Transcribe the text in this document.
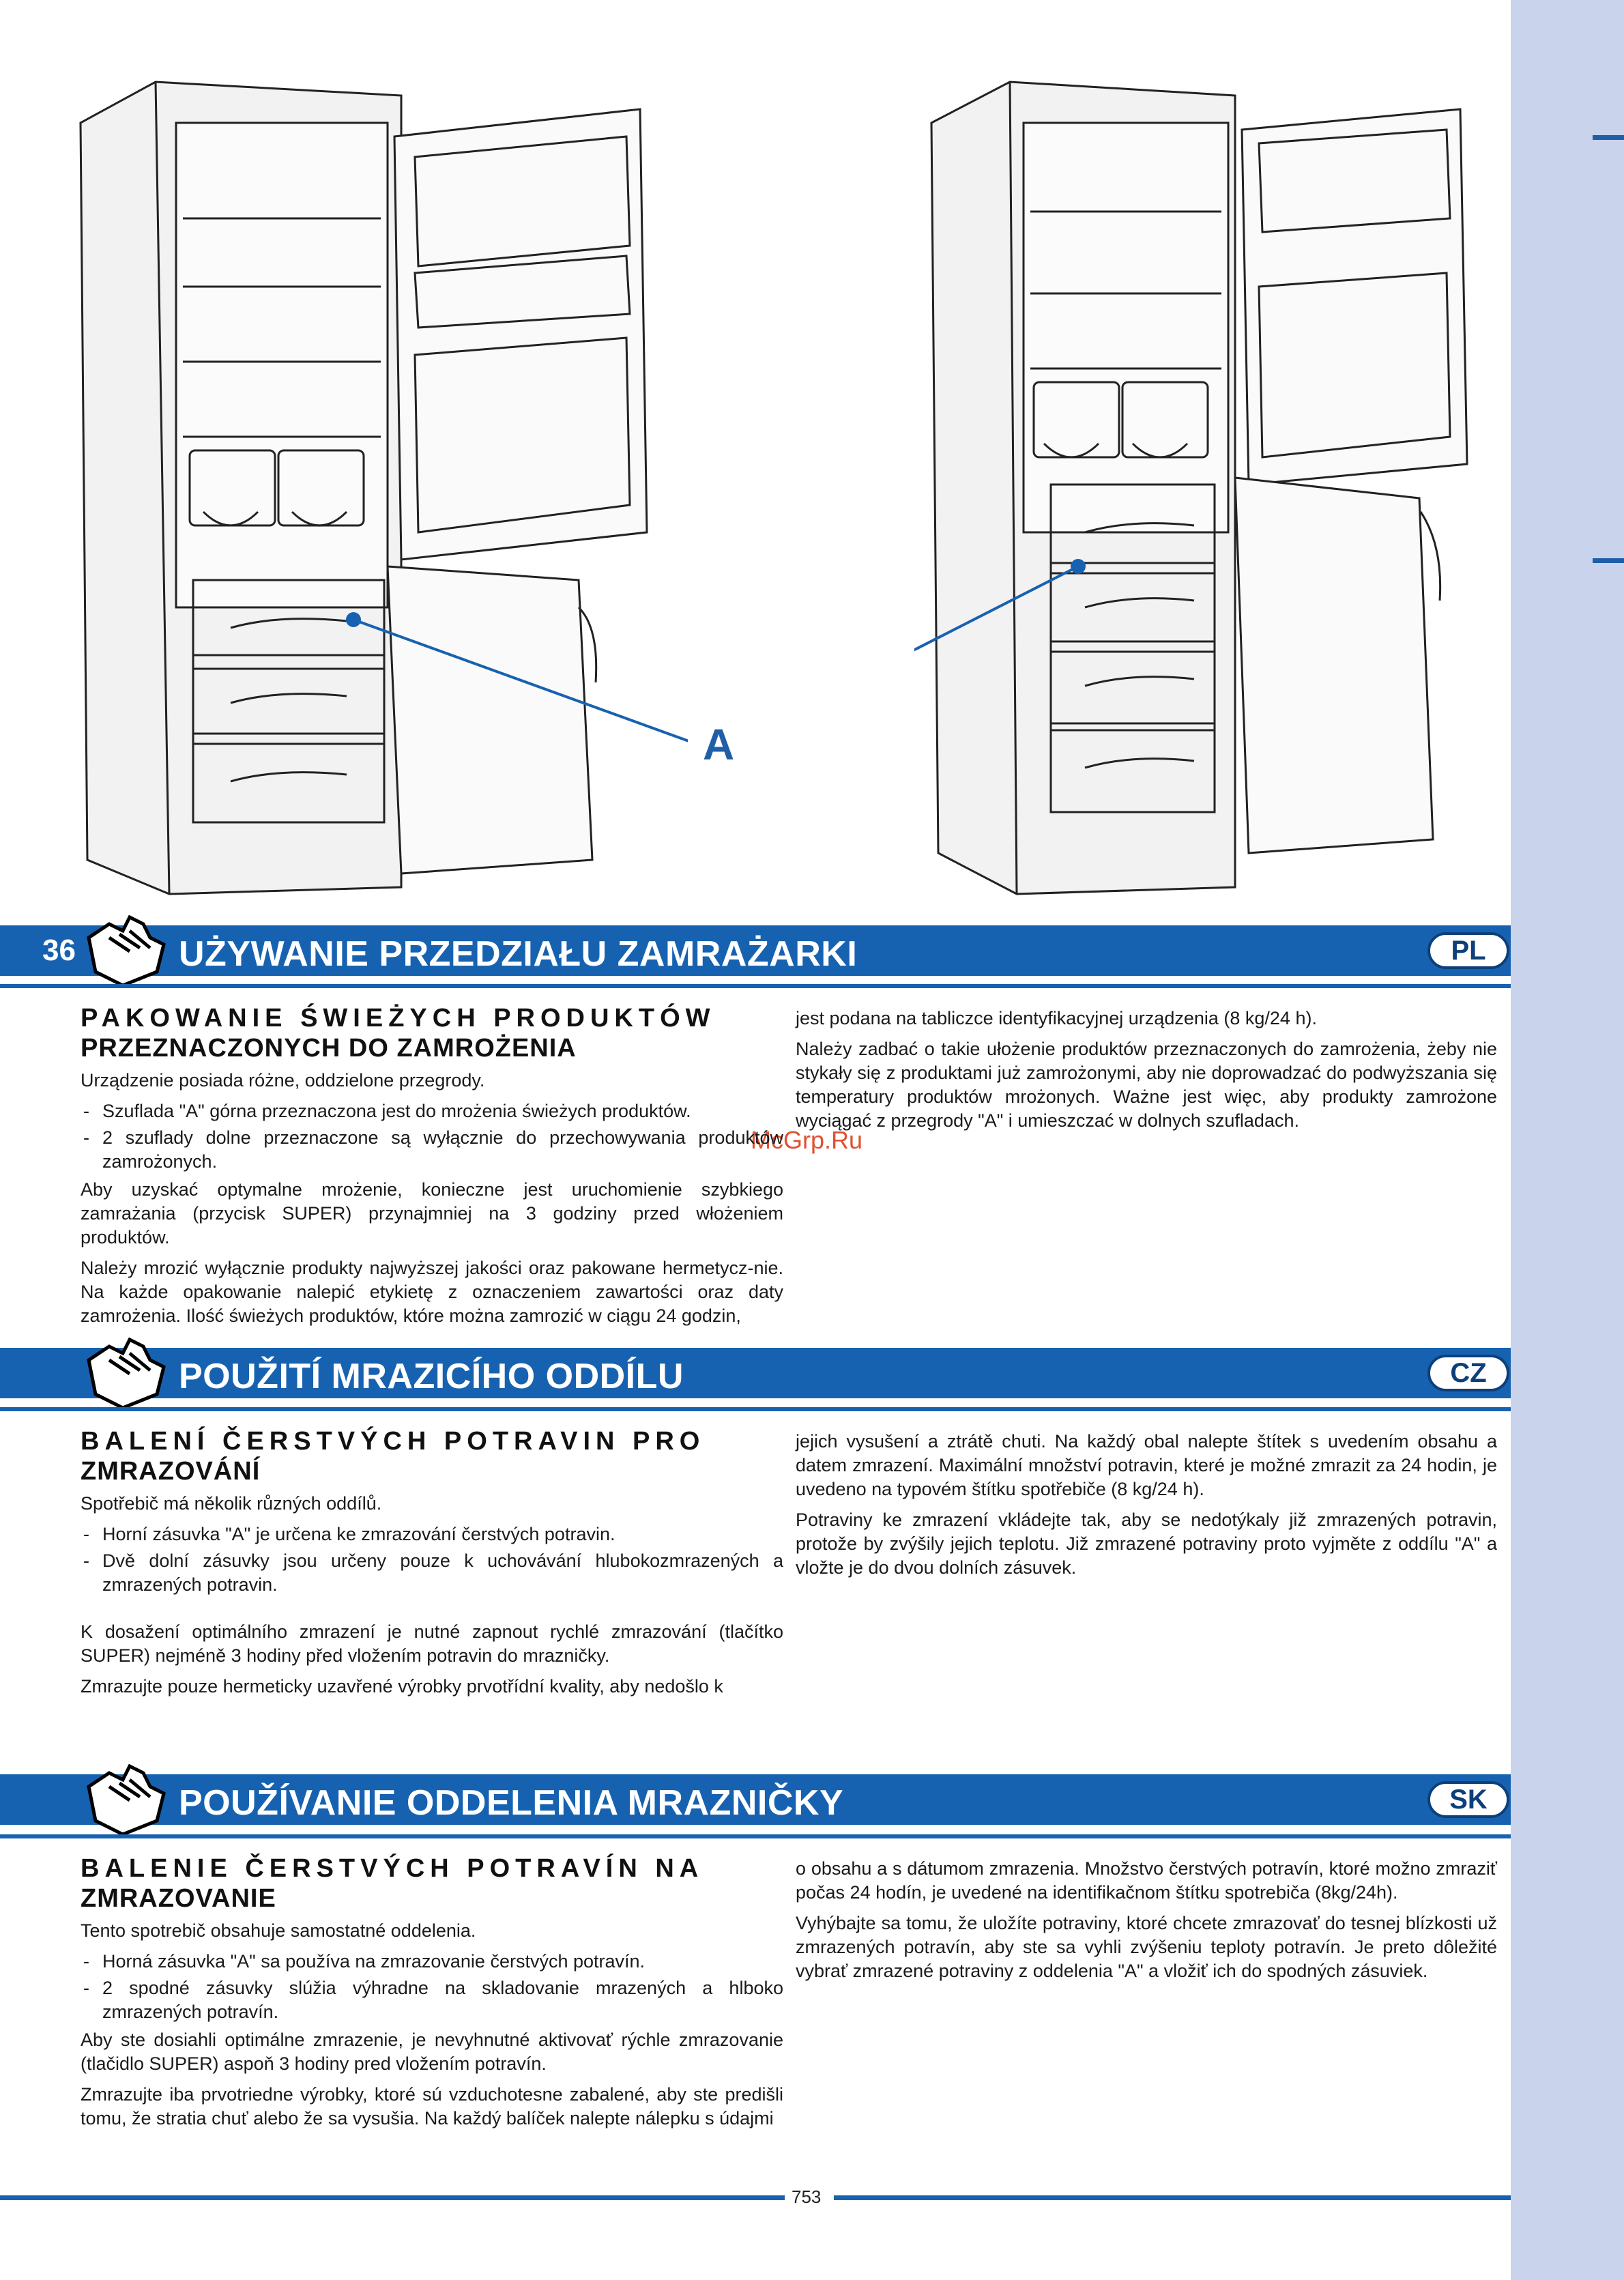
A
McGrp.Ru
36	UŻYWANIE PRZEDZIAŁU ZAMRAŻARKI	PL
PAKOWANIE ŚWIEŻYCH PRODUKTÓW
PRZEZNACZONYCH DO ZAMROŻENIA

Urządzenie posiada różne, oddzielone przegrody.

- Szuflada "A" górna przeznaczona jest do mrożenia świeżych produktów.
- 2 szuflady dolne przeznaczone są wyłącznie do przechowywania produktów zamrożonych.

Aby uzyskać optymalne mrożenie, konieczne jest uruchomienie szybkiego zamrażania (przycisk SUPER) przynajmniej na 3 godziny przed włożeniem produktów.

Należy mrozić wyłącznie produkty najwyższej jakości oraz pakowane hermetycz-nie. Na każde opakowanie nalepić etykietę z oznaczeniem zawartości oraz daty zamrożenia. Ilość świeżych produktów, które można zamrozić w ciągu 24 godzin,

jest podana na tabliczce identyfikacyjnej urządzenia (8 kg/24 h).

Należy zadbać o takie ułożenie produktów przeznaczonych do zamrożenia, żeby nie stykały się z produktami już zamrożonymi, aby nie doprowadzać do podwyższania się temperatury produktów mrożonych. Ważne jest więc, aby produkty zamrożone wyciągać z przegrody "A" i umieszczać w dolnych szufladach.

POUŽITÍ MRAZICÍHO ODDÍLU	CZ
BALENÍ ČERSTVÝCH POTRAVIN PRO
ZMRAZOVÁNÍ

Spotřebič má několik různých oddílů.

- Horní zásuvka "A" je určena ke zmrazování čerstvých potravin.
- Dvě dolní zásuvky jsou určeny pouze k uchovávání hlubokozmrazených a zmrazených potravin.

K dosažení optimálního zmrazení je nutné zapnout rychlé zmrazování (tlačítko SUPER) nejméně 3 hodiny před vložením potravin do mrazničky.

Zmrazujte pouze hermeticky uzavřené výrobky prvotřídní kvality, aby nedošlo k

jejich vysušení a ztrátě chuti. Na každý obal nalepte štítek s uvedením obsahu a datem zmrazení. Maximální množství potravin, které je možné zmrazit za 24 hodin, je uvedeno na typovém štítku spotřebiče (8 kg/24 h).

Potraviny ke zmrazení vkládejte tak, aby se nedotýkaly již zmrazených potravin, protože by zvýšily jejich teplotu. Již zmrazené potraviny proto vyjměte z oddílu "A" a vložte je do dvou dolních zásuvek.

POUŽÍVANIE ODDELENIA MRAZNIČKY	SK
BALENIE ČERSTVÝCH POTRAVÍN NA
ZMRAZOVANIE

Tento spotrebič obsahuje samostatné oddelenia.

- Horná zásuvka "A" sa používa na zmrazovanie čerstvých potravín.
- 2 spodné zásuvky slúžia výhradne na skladovanie mrazených a hlboko zmrazených potravín.

Aby ste dosiahli optimálne zmrazenie, je nevyhnutné aktivovať rýchle zmrazovanie (tlačidlo SUPER) aspoň 3 hodiny pred vložením potravín.

Zmrazujte iba prvotriedne výrobky, ktoré sú vzduchotesne zabalené, aby ste predišli tomu, že stratia chuť alebo že sa vysušia. Na každý balíček nalepte nálepku s údajmi

o obsahu a s dátumom zmrazenia. Množstvo čerstvých potravín, ktoré možno zmraziť počas 24 hodín, je uvedené na identifikačnom štítku spotrebiča (8kg/24h).

Vyhýbajte sa tomu, že uložíte potraviny, ktoré chcete zmrazovať do tesnej blízkosti už zmrazených potravín, aby ste sa vyhli zvýšeniu teploty potravín. Je preto dôležité vybrať zmrazené potraviny z oddelenia "A" a vložiť ich do spodných zásuviek.

753
